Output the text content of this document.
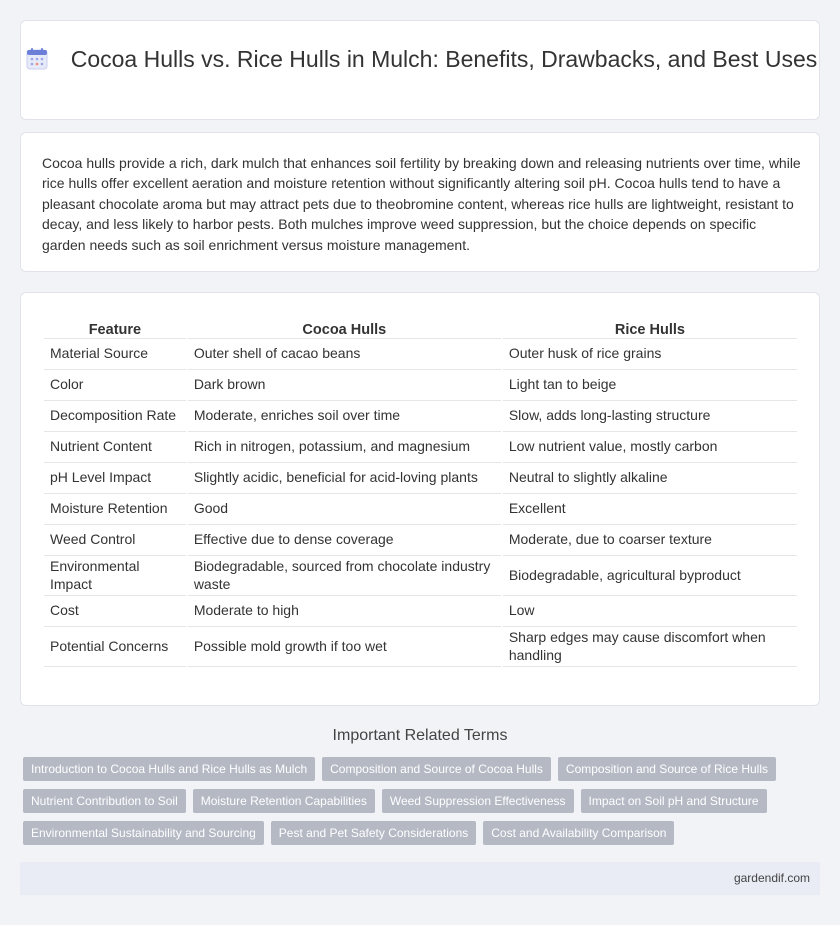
Cocoa Hulls vs. Rice Hulls in Mulch: Benefits, Drawbacks, and Best Uses

Cocoa hulls provide a rich, dark mulch that enhances soil fertility by breaking down and releasing nutrients over time, while rice hulls offer excellent aeration and moisture retention without significantly altering soil pH. Cocoa hulls tend to have a pleasant chocolate aroma but may attract pets due to theobromine content, whereas rice hulls are lightweight, resistant to decay, and less likely to harbor pests. Both mulches improve weed suppression, but the choice depends on specific garden needs such as soil enrichment versus moisture management.

Feature	Cocoa Hulls	Rice Hulls
Material Source	Outer shell of cacao beans	Outer husk of rice grains
Color	Dark brown	Light tan to beige
Decomposition Rate	Moderate, enriches soil over time	Slow, adds long-lasting structure
Nutrient Content	Rich in nitrogen, potassium, and magnesium	Low nutrient value, mostly carbon
pH Level Impact	Slightly acidic, beneficial for acid-loving plants	Neutral to slightly alkaline
Moisture Retention	Good	Excellent
Weed Control	Effective due to dense coverage	Moderate, due to coarser texture
Environmental Impact	Biodegradable, sourced from chocolate industry waste	Biodegradable, agricultural byproduct
Cost	Moderate to high	Low
Potential Concerns	Possible mold growth if too wet	Sharp edges may cause discomfort when handling
Important Related Terms
Introduction to Cocoa Hulls and Rice Hulls as Mulch	Composition and Source of Cocoa Hulls	Composition and Source of Rice Hulls
Nutrient Contribution to Soil	Moisture Retention Capabilities	Weed Suppression Effectiveness	Impact on Soil pH and Structure
Environmental Sustainability and Sourcing	Pest and Pet Safety Considerations	Cost and Availability Comparison
gardendif.com
